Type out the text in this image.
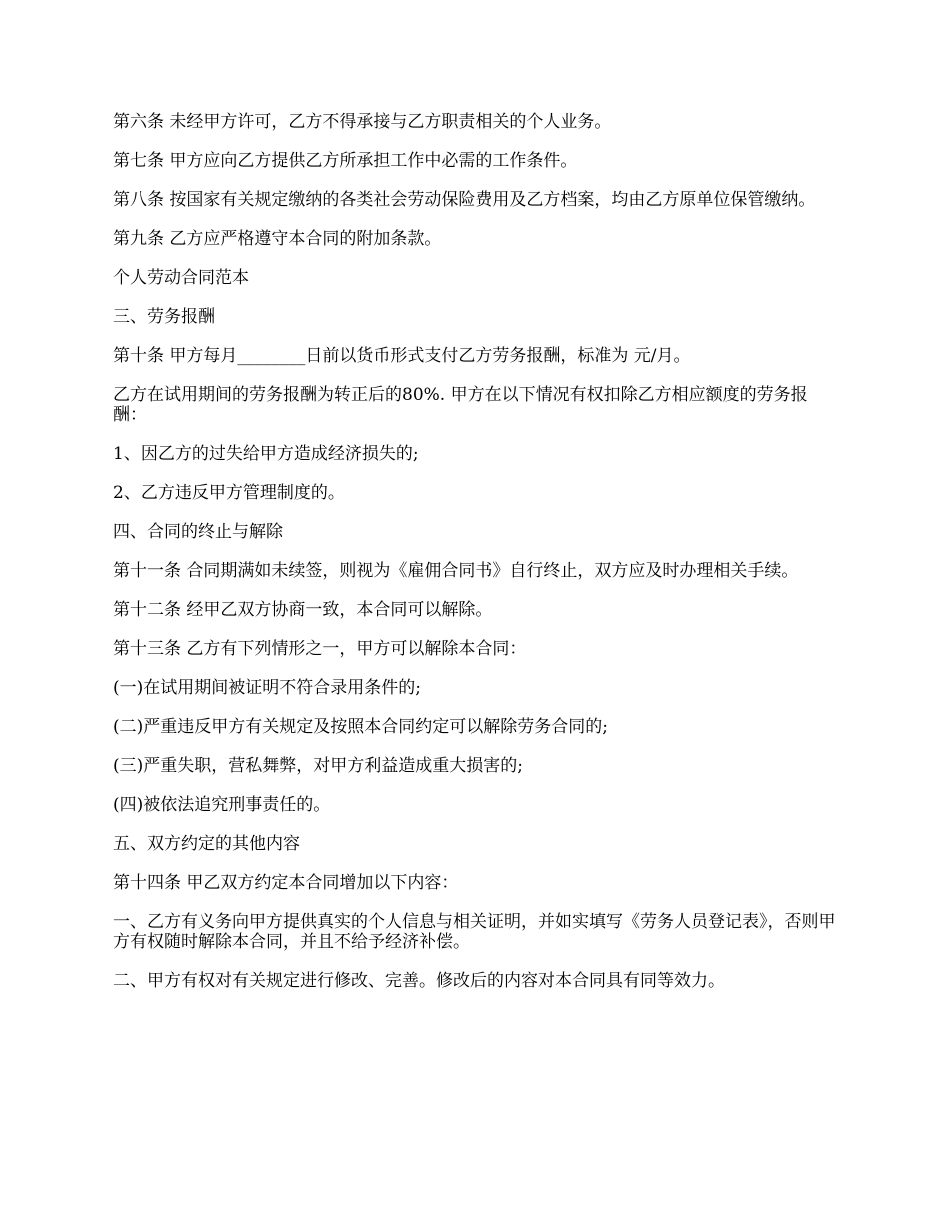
第六条 未经甲方许可，乙方不得承接与乙方职责相关的个人业务。

第七条 甲方应向乙方提供乙方所承担工作中必需的工作条件。

第八条 按国家有关规定缴纳的各类社会劳动保险费用及乙方档案，均由乙方原单位保管缴纳。

第九条 乙方应严格遵守本合同的附加条款。

个人劳动合同范本

三、劳务报酬

第十条 甲方每月________日前以货币形式支付乙方劳务报酬，标准为 元/月。

乙方在试用期间的劳务报酬为转正后的80%. 甲方在以下情况有权扣除乙方相应额度的劳务报酬：

1、因乙方的过失给甲方造成经济损失的;

2、乙方违反甲方管理制度的。

四、合同的终止与解除

第十一条 合同期满如未续签，则视为《雇佣合同书》自行终止，双方应及时办理相关手续。

第十二条 经甲乙双方协商一致，本合同可以解除。

第十三条 乙方有下列情形之一，甲方可以解除本合同：

(一)在试用期间被证明不符合录用条件的;

(二)严重违反甲方有关规定及按照本合同约定可以解除劳务合同的;

(三)严重失职，营私舞弊，对甲方利益造成重大损害的;

(四)被依法追究刑事责任的。

五、双方约定的其他内容

第十四条 甲乙双方约定本合同增加以下内容：

一、乙方有义务向甲方提供真实的个人信息与相关证明，并如实填写《劳务人员登记表》，否则甲方有权随时解除本合同，并且不给予经济补偿。

二、甲方有权对有关规定进行修改、完善。修改后的内容对本合同具有同等效力。
